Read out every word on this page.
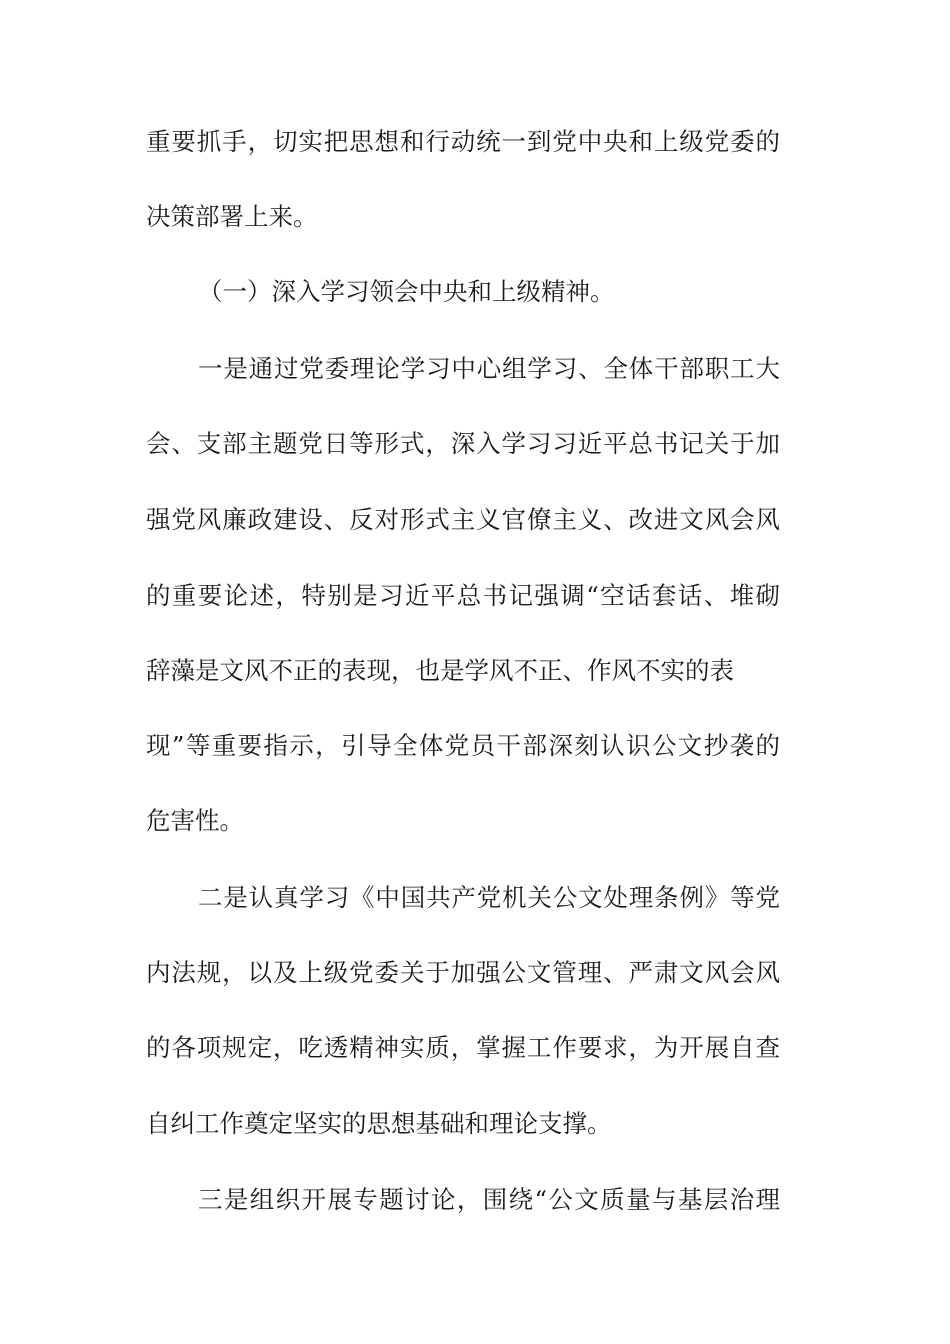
重要抓手，切实把思想和行动统一到党中央和上级党委的
决策部署上来。
（一）深入学习领会中央和上级精神。
一是通过党委理论学习中心组学习、全体干部职工大
会、支部主题党日等形式，深入学习习近平总书记关于加
强党风廉政建设、反对形式主义官僚主义、改进文风会风
的重要论述，特别是习近平总书记强调“空话套话、堆砌
辞藻是文风不正的表现，也是学风不正、作风不实的表
现”等重要指示，引导全体党员干部深刻认识公文抄袭的
危害性。
二是认真学习《中国共产党机关公文处理条例》等党
内法规，以及上级党委关于加强公文管理、严肃文风会风
的各项规定，吃透精神实质，掌握工作要求，为开展自查
自纠工作奠定坚实的思想基础和理论支撑。
三是组织开展专题讨论，围绕“公文质量与基层治理
